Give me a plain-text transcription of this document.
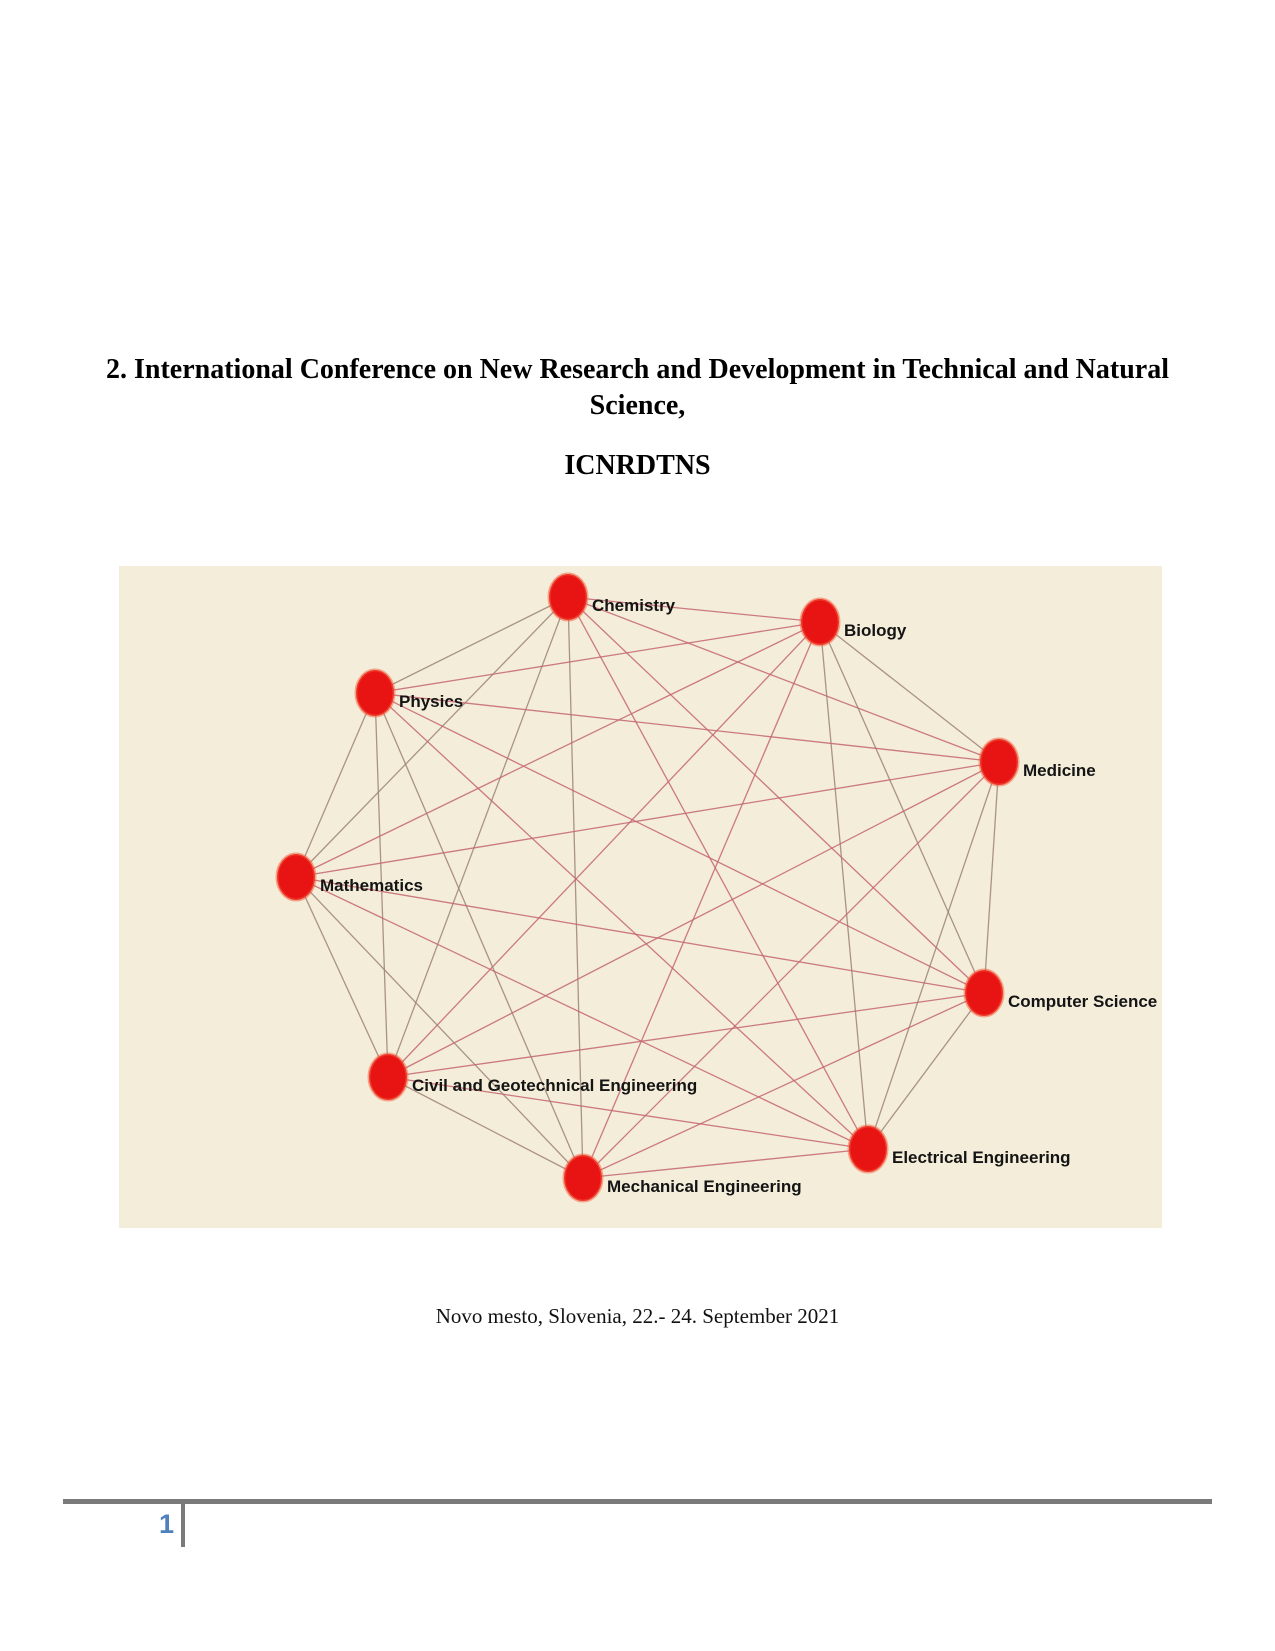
2. International Conference on New Research and Development in Technical and Natural
Science,
ICNRDTNS
Chemistry
Biology
Physics
Medicine
Mathematics
Computer Science
Civil and Geotechnical Engineering
Electrical Engineering
Mechanical Engineering
Novo mesto, Slovenia, 22.- 24. September 2021
1
